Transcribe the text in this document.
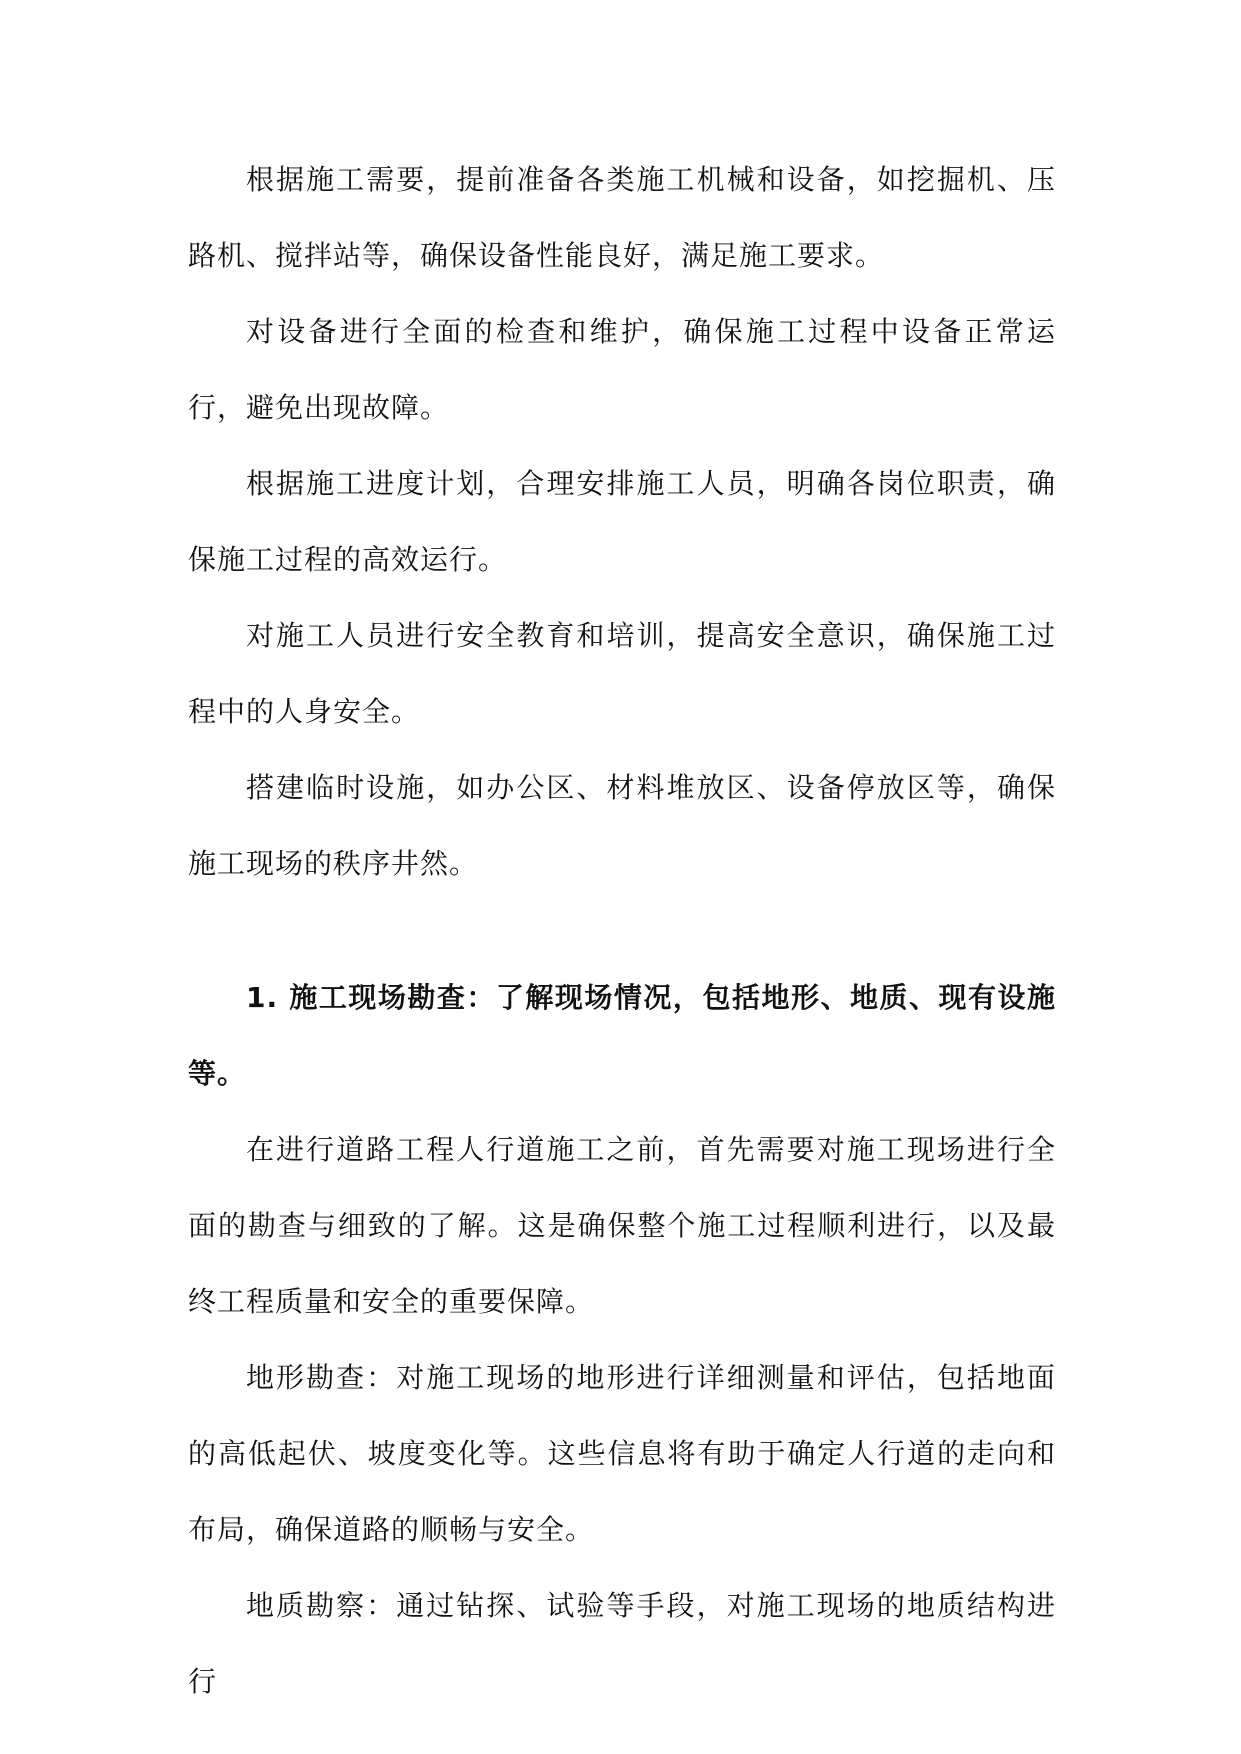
根据施工需要，提前准备各类施工机械和设备，如挖掘机、压路机、搅拌站等，确保设备性能良好，满足施工要求。

对设备进行全面的检查和维护，确保施工过程中设备正常运行，避免出现故障。

根据施工进度计划，合理安排施工人员，明确各岗位职责，确保施工过程的高效运行。

对施工人员进行安全教育和培训，提高安全意识，确保施工过程中的人身安全。

搭建临时设施，如办公区、材料堆放区、设备停放区等，确保施工现场的秩序井然。

1. 施工现场勘查：了解现场情况，包括地形、地质、现有设施等。

在进行道路工程人行道施工之前，首先需要对施工现场进行全面的勘查与细致的了解。这是确保整个施工过程顺利进行，以及最终工程质量和安全的重要保障。

地形勘查：对施工现场的地形进行详细测量和评估，包括地面的高低起伏、坡度变化等。这些信息将有助于确定人行道的走向和布局，确保道路的顺畅与安全。

地质勘察：通过钻探、试验等手段，对施工现场的地质结构进行
